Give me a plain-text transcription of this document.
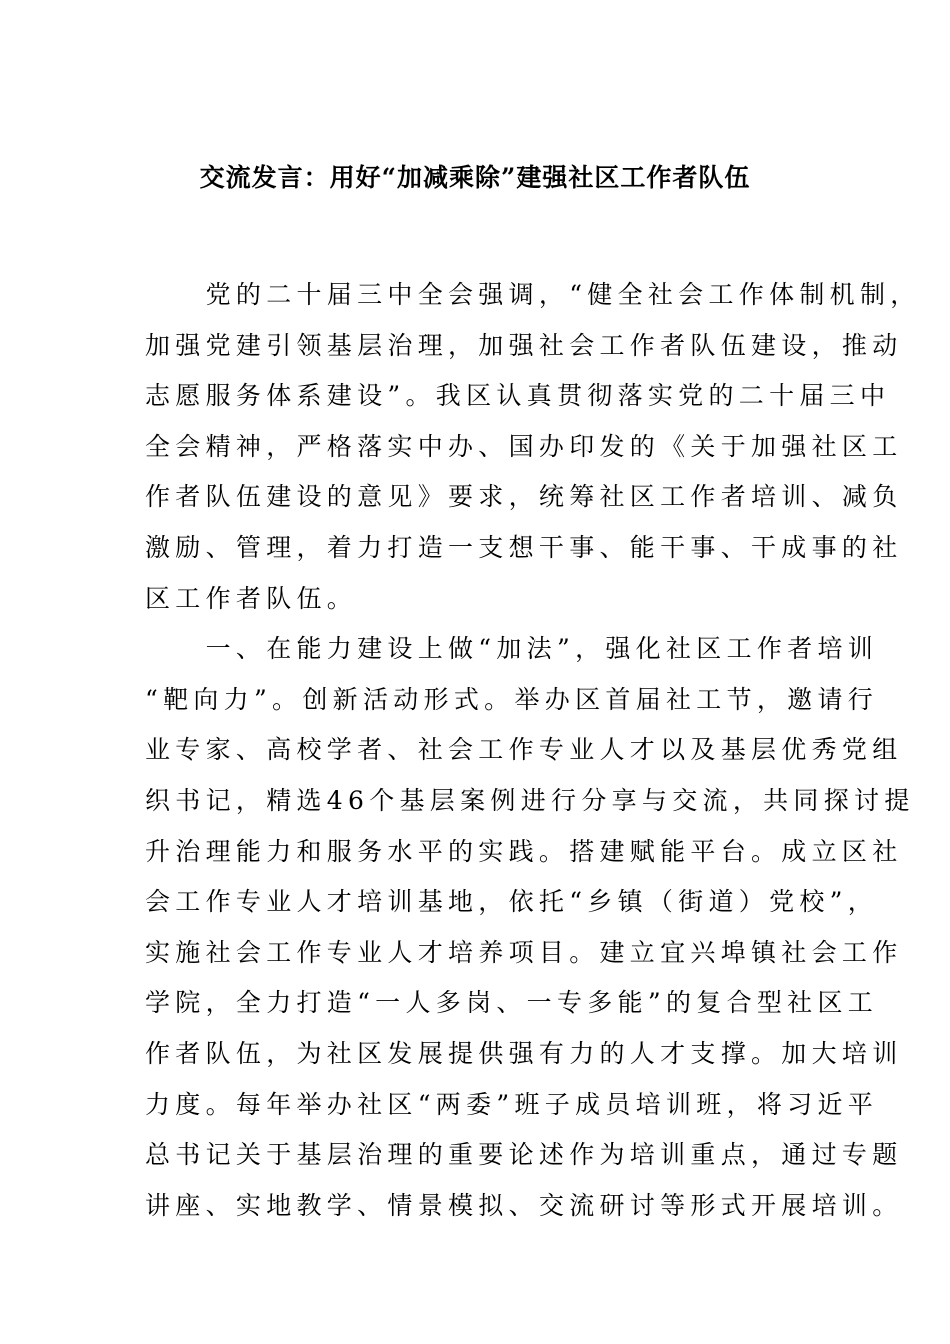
交流发言：用好“加减乘除”建强社区工作者队伍
　　党的二十届三中全会强调，“健全社会工作体制机制，
加强党建引领基层治理，加强社会工作者队伍建设，推动
志愿服务体系建设”。我区认真贯彻落实党的二十届三中
全会精神，严格落实中办、国办印发的《关于加强社区工
作者队伍建设的意见》要求，统筹社区工作者培训、减负
激励、管理，着力打造一支想干事、能干事、干成事的社
区工作者队伍。
　　一、在能力建设上做“加法”，强化社区工作者培训
“靶向力”。创新活动形式。举办区首届社工节，邀请行
业专家、高校学者、社会工作专业人才以及基层优秀党组
织书记，精选46个基层案例进行分享与交流，共同探讨提
升治理能力和服务水平的实践。搭建赋能平台。成立区社
会工作专业人才培训基地，依托“乡镇（街道）党校”，
实施社会工作专业人才培养项目。建立宜兴埠镇社会工作
学院，全力打造“一人多岗、一专多能”的复合型社区工
作者队伍，为社区发展提供强有力的人才支撑。加大培训
力度。每年举办社区“两委”班子成员培训班，将习近平
总书记关于基层治理的重要论述作为培训重点，通过专题
讲座、实地教学、情景模拟、交流研讨等形式开展培训。
